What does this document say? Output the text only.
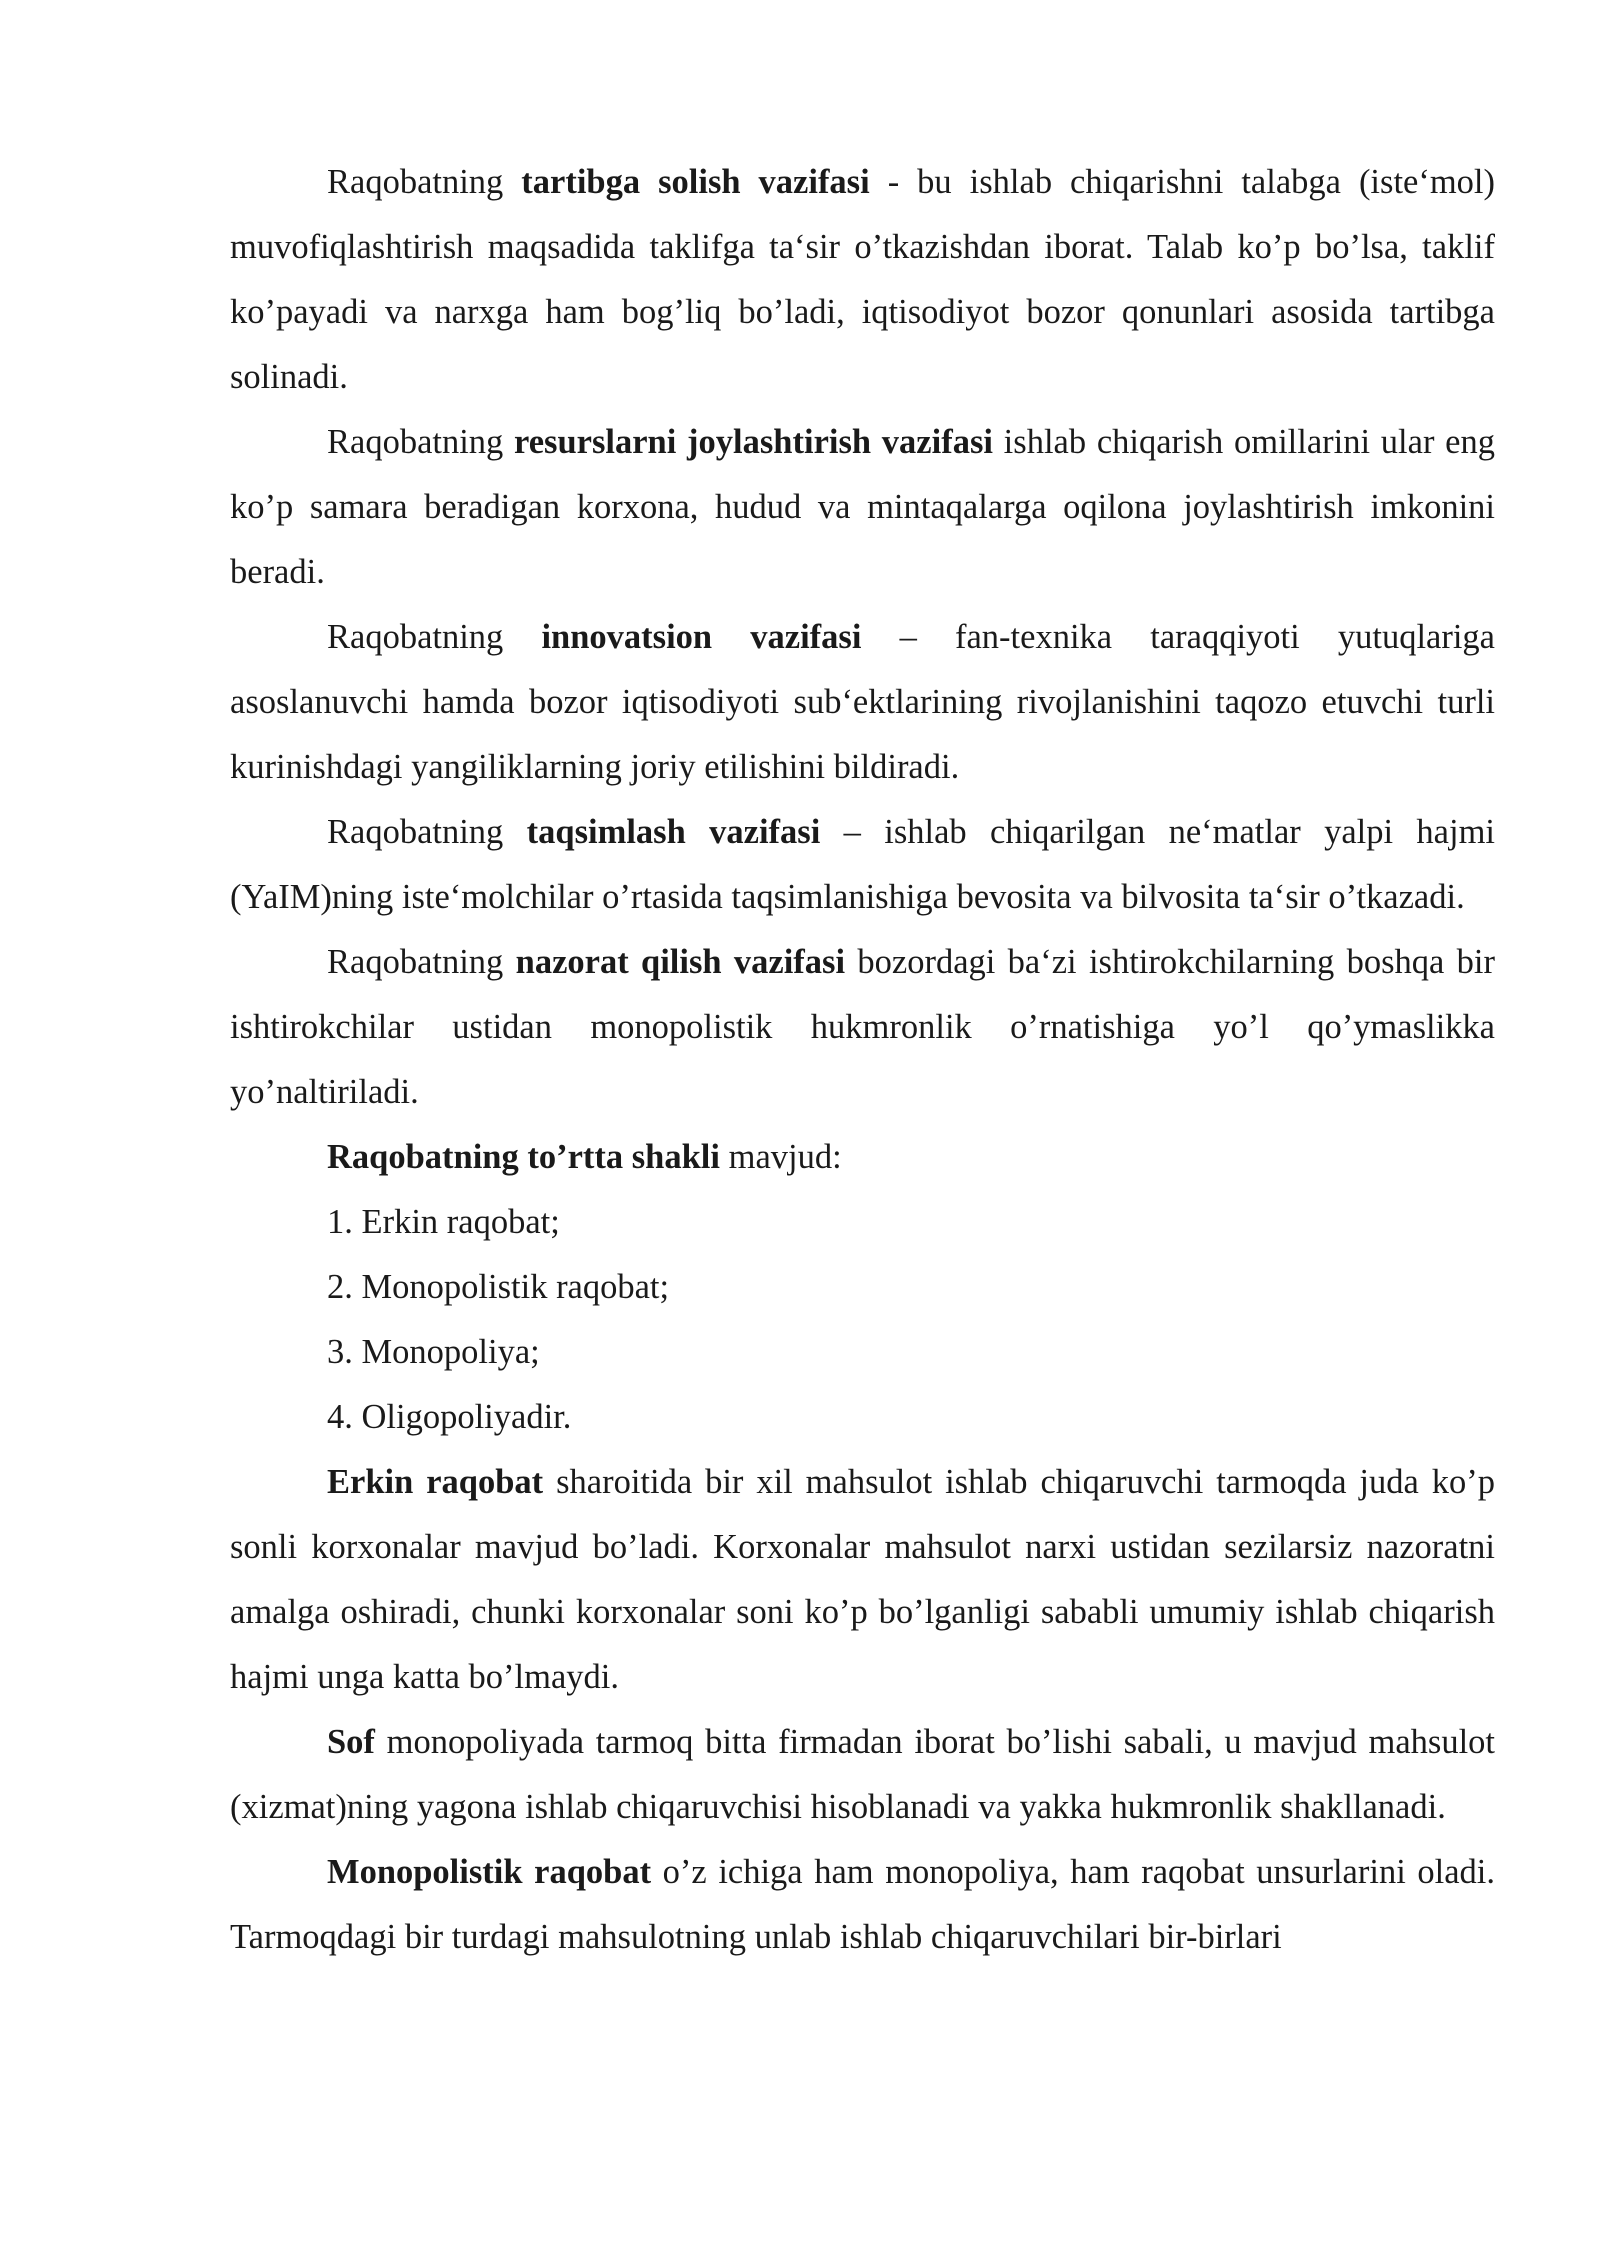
Raqobatning tartibga solish vazifasi - bu ishlab chiqarishni talabga (iste‘mol) muvofiqlashtirish maqsadida taklifga ta‘sir o’tkazishdan iborat. Talab ko’p bo’lsa, taklif ko’payadi va narxga ham bog’liq bo’ladi, iqtisodiyot bozor qonunlari asosida tartibga solinadi.

Raqobatning resurslarni joylashtirish vazifasi ishlab chiqarish omillarini ular eng ko’p samara beradigan korxona, hudud va mintaqalarga oqilona joylashtirish imkonini beradi.

Raqobatning innovatsion vazifasi – fan-texnika taraqqiyoti yutuqlariga asoslanuvchi hamda bozor iqtisodiyoti sub‘ektlarining rivojlanishini taqozo etuvchi turli kurinishdagi yangiliklarning joriy etilishini bildiradi.

Raqobatning taqsimlash vazifasi – ishlab chiqarilgan ne‘matlar yalpi hajmi (YaIM)ning iste‘molchilar o’rtasida taqsimlanishiga bevosita va bilvosita ta‘sir o’tkazadi.

Raqobatning nazorat qilish vazifasi bozordagi ba‘zi ishtirokchilarning boshqa bir ishtirokchilar ustidan monopolistik hukmronlik o’rnatishiga yo’l qo’ymaslikka yo’naltiriladi.

Raqobatning to’rtta shakli mavjud:

1. Erkin raqobat;

2. Monopolistik raqobat;

3. Monopoliya;

4. Oligopoliyadir.

Erkin raqobat sharoitida bir xil mahsulot ishlab chiqaruvchi tarmoqda juda ko’p sonli korxonalar mavjud bo’ladi. Korxonalar mahsulot narxi ustidan sezilarsiz nazoratni amalga oshiradi, chunki korxonalar soni ko’p bo’lganligi sababli umumiy ishlab chiqarish hajmi unga katta bo’lmaydi.

Sof monopoliyada tarmoq bitta firmadan iborat bo’lishi sabali, u mavjud mahsulot (xizmat)ning yagona ishlab chiqaruvchisi hisoblanadi va yakka hukmronlik shakllanadi.

Monopolistik raqobat o’z ichiga ham monopoliya, ham raqobat unsurlarini oladi. Tarmoqdagi bir turdagi mahsulotning unlab ishlab chiqaruvchilari bir-birlari
